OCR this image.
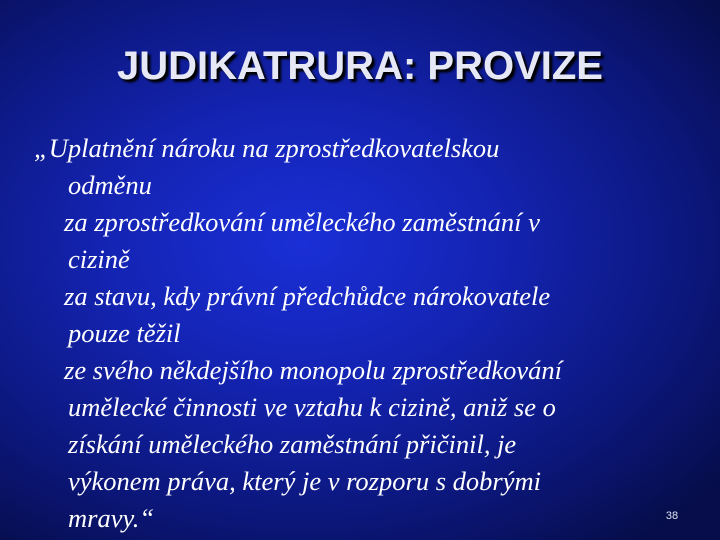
JUDIKATRURA: PROVIZE
„Uplatnění nároku na zprostředkovatelskou
odměnu
za zprostředkování uměleckého zaměstnání v
cizině
za stavu, kdy právní předchůdce nárokovatele
pouze těžil
ze svého někdejšího monopolu zprostředkování
umělecké činnosti ve vztahu k cizině, aniž se o
získání uměleckého zaměstnání přičinil, je
výkonem práva, který je v rozporu s dobrými
mravy.“	38
